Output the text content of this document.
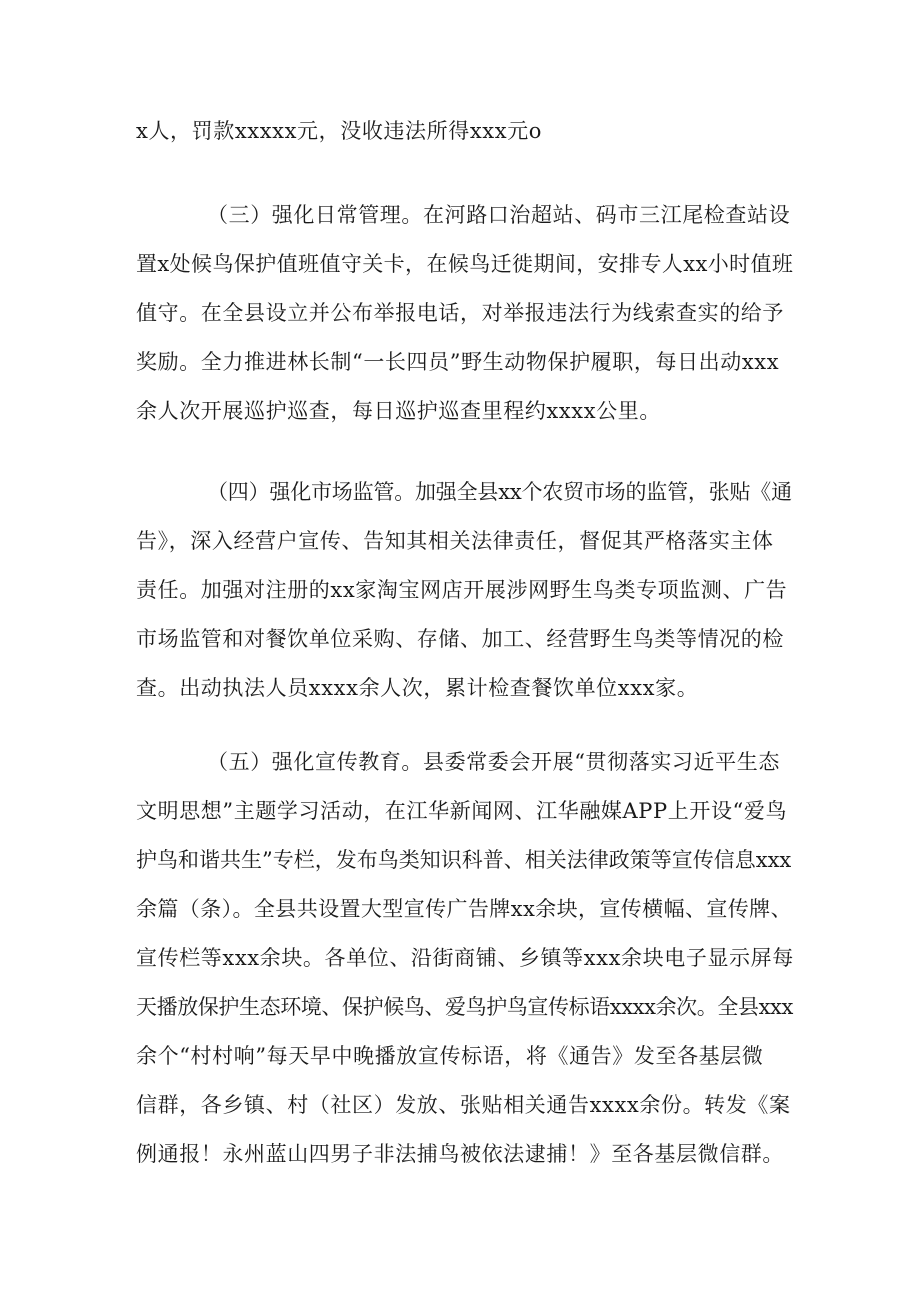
x人，罚款xxxxx元，没收违法所得xxx元o
（三）强化日常管理。在河路口治超站、码市三江尾检查站设
置x处候鸟保护值班值守关卡，在候鸟迁徙期间，安排专人xx小时值班
值守。在全县设立并公布举报电话，对举报违法行为线索查实的给予
奖励。全力推进林长制“一长四员”野生动物保护履职，每日出动xxx
余人次开展巡护巡查，每日巡护巡查里程约xxxx公里。
（四）强化市场监管。加强全县xx个农贸市场的监管，张贴《通
告》，深入经营户宣传、告知其相关法律责任，督促其严格落实主体
责任。加强对注册的xx家淘宝网店开展涉网野生鸟类专项监测、广告
市场监管和对餐饮单位采购、存储、加工、经营野生鸟类等情况的检
查。出动执法人员xxxx余人次，累计检查餐饮单位xxx家。
（五）强化宣传教育。县委常委会开展“贯彻落实习近平生态
文明思想”主题学习活动，在江华新闻网、江华融媒APP上开设“爱鸟
护鸟和谐共生”专栏，发布鸟类知识科普、相关法律政策等宣传信息xxx
余篇（条）。全县共设置大型宣传广告牌xx余块，宣传横幅、宣传牌、
宣传栏等xxx余块。各单位、沿街商铺、乡镇等xxx余块电子显示屏每
天播放保护生态环境、保护候鸟、爱鸟护鸟宣传标语xxxx余次。全县xxx
余个“村村响”每天早中晚播放宣传标语，将《通告》发至各基层微
信群，各乡镇、村（社区）发放、张贴相关通告xxxx余份。转发《案
例通报！永州蓝山四男子非法捕鸟被依法逮捕！》至各基层微信群。
